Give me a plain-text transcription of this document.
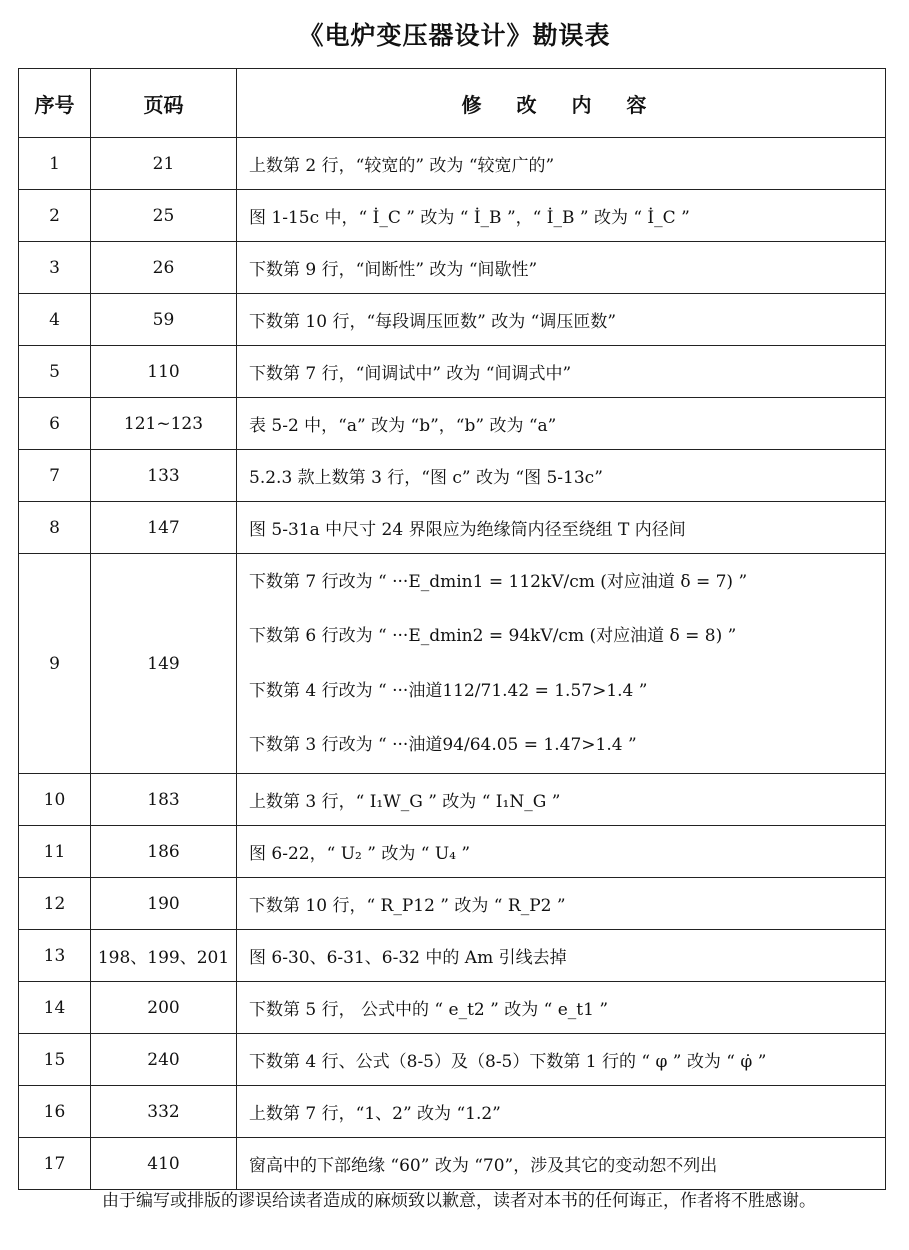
《电炉变压器设计》勘误表
序号	页码	修 改 内 容
1	21	上数第 2 行，“较宽的” 改为 “较宽广的”
2	25	图 1-15c 中，“ İ_C ” 改为 “ İ_B ”，“ İ_B ” 改为 “ İ_C ”
3	26	下数第 9 行，“间断性” 改为 “间歇性”
4	59	下数第 10 行，“每段调压匝数” 改为 “调压匝数”
5	110	下数第 7 行，“间调试中” 改为 “间调式中”
6	121~123	表 5-2 中，“a” 改为 “b”，“b” 改为 “a”
7	133	5.2.3 款上数第 3 行，“图 c” 改为 “图 5-13c”
8	147	图 5-31a 中尺寸 24 界限应为绝缘筒内径至绕组 T 内径间
9	149	下数第 7 行改为 “ ···E_dmin1 = 112kV/cm (对应油道 δ = 7) ”
下数第 6 行改为 “ ···E_dmin2 = 94kV/cm (对应油道 δ = 8) ”
下数第 4 行改为 “ ···油道112/71.42 = 1.57>1.4 ”
下数第 3 行改为 “ ···油道94/64.05 = 1.47>1.4 ”

10	183	上数第 3 行，“ I₁W_G ” 改为 “ I₁N_G ”
11	186	图 6-22，“ U₂ ” 改为 “ U₄ ”
12	190	下数第 10 行，“ R_P12 ” 改为 “ R_P2 ”
13	198、199、201	图 6-30、6-31、6-32 中的 Am 引线去掉
14	200	下数第 5 行， 公式中的 “ e_t2 ” 改为 “ e_t1 ”
15	240	下数第 4 行、公式（8-5）及（8-5）下数第 1 行的 “ φ ” 改为 “ φ̇ ”
16	332	上数第 7 行，“1、2” 改为 “1.2”
17	410	窗高中的下部绝缘 “60” 改为 “70”，涉及其它的变动恕不列出
由于编写或排版的谬误给读者造成的麻烦致以歉意，读者对本书的任何诲正，作者将不胜感谢。
